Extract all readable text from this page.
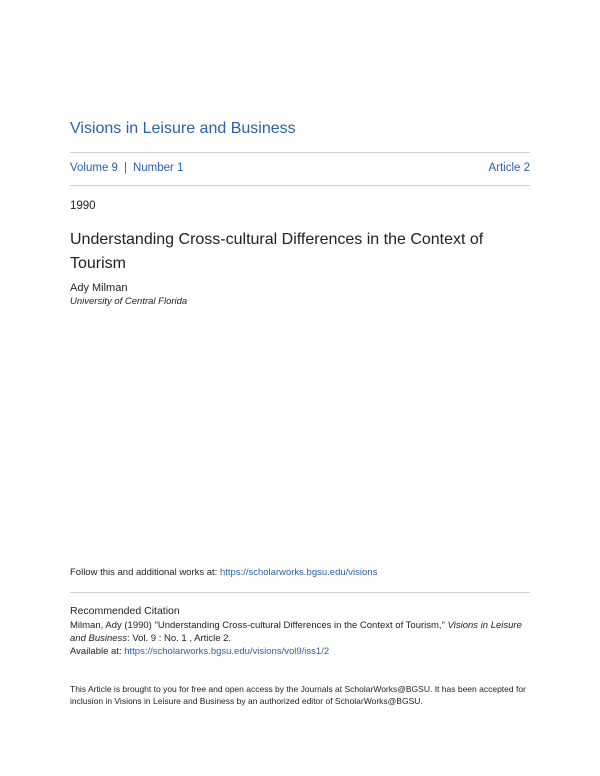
Visions in Leisure and Business
Volume 9 | Number 1	Article 2
1990
Understanding Cross-cultural Differences in the Context of Tourism
Ady Milman
University of Central Florida
Follow this and additional works at: https://scholarworks.bgsu.edu/visions
Recommended Citation
Milman, Ady (1990) "Understanding Cross-cultural Differences in the Context of Tourism," Visions in Leisure and Business: Vol. 9 : No. 1 , Article 2.
Available at: https://scholarworks.bgsu.edu/visions/vol9/iss1/2
This Article is brought to you for free and open access by the Journals at ScholarWorks@BGSU. It has been accepted for inclusion in Visions in Leisure and Business by an authorized editor of ScholarWorks@BGSU.
